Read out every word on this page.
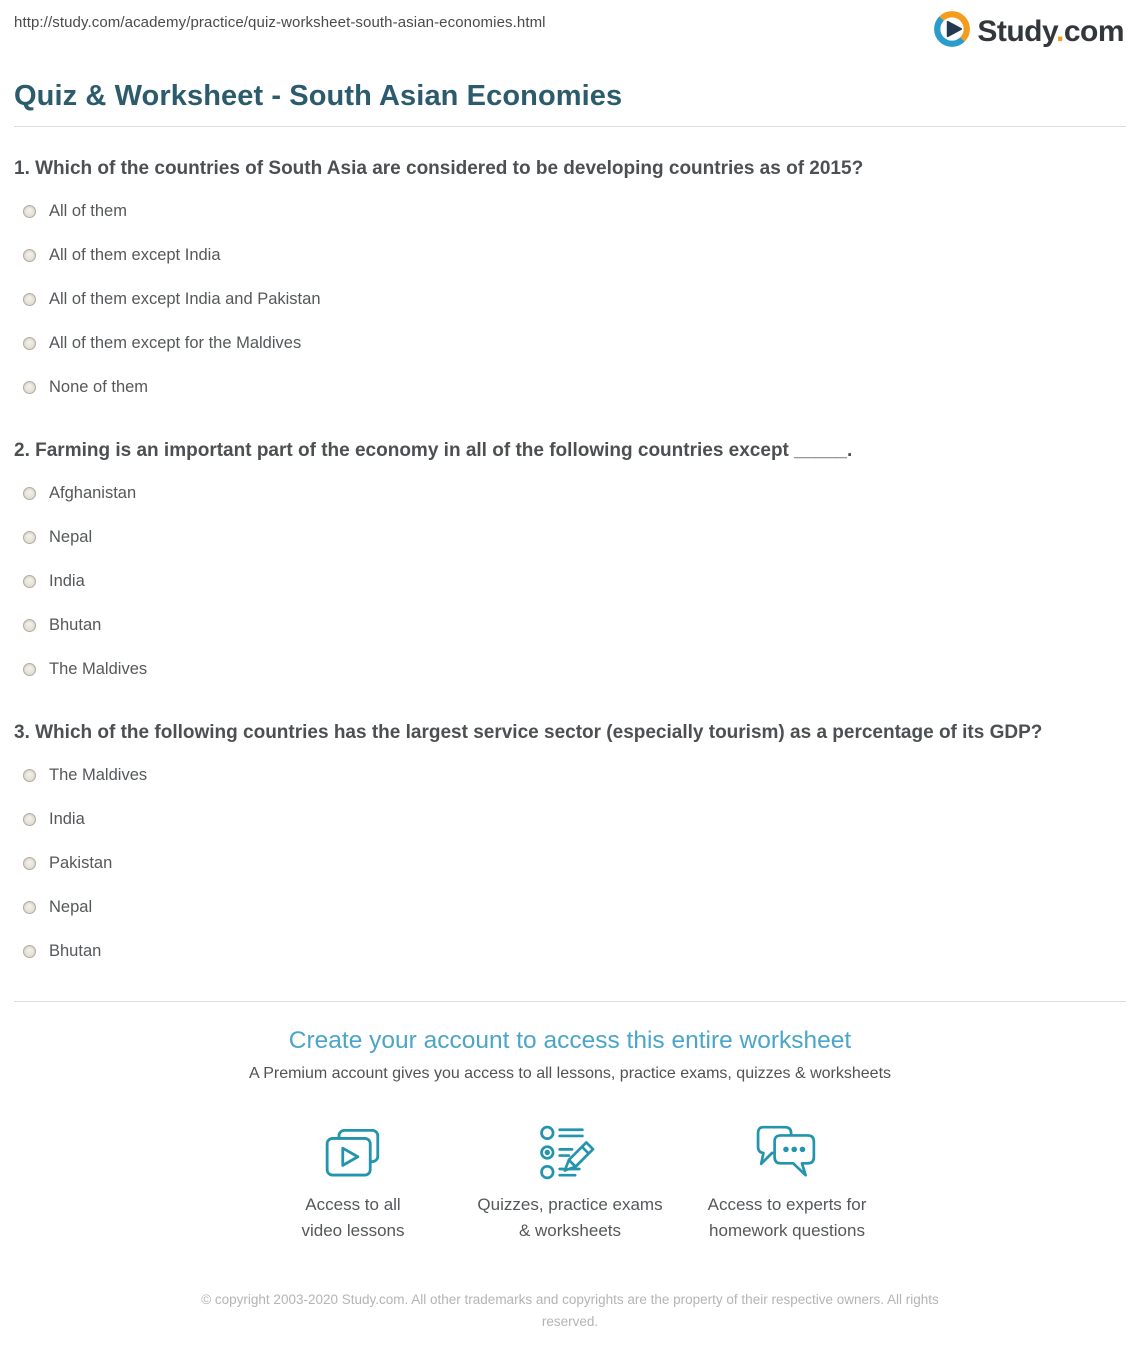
http://study.com/academy/practice/quiz-worksheet-south-asian-economies.html	Study.com
Quiz & Worksheet - South Asian Economies
1. Which of the countries of South Asia are considered to be developing countries as of 2015?
All of them
All of them except India
All of them except India and Pakistan
All of them except for the Maldives
None of them
2. Farming is an important part of the economy in all of the following countries except _____.
Afghanistan
Nepal
India
Bhutan
The Maldives
3. Which of the following countries has the largest service sector (especially tourism) as a percentage of its GDP?
The Maldives
India
Pakistan
Nepal
Bhutan
Create your account to access this entire worksheet

A Premium account gives you access to all lessons, practice exams, quizzes & worksheets

Access to all
video lessons
Quizzes, practice exams
& worksheets
Access to experts for
homework questions
© copyright 2003-2020 Study.com. All other trademarks and copyrights are the property of their respective owners. All rights reserved.
